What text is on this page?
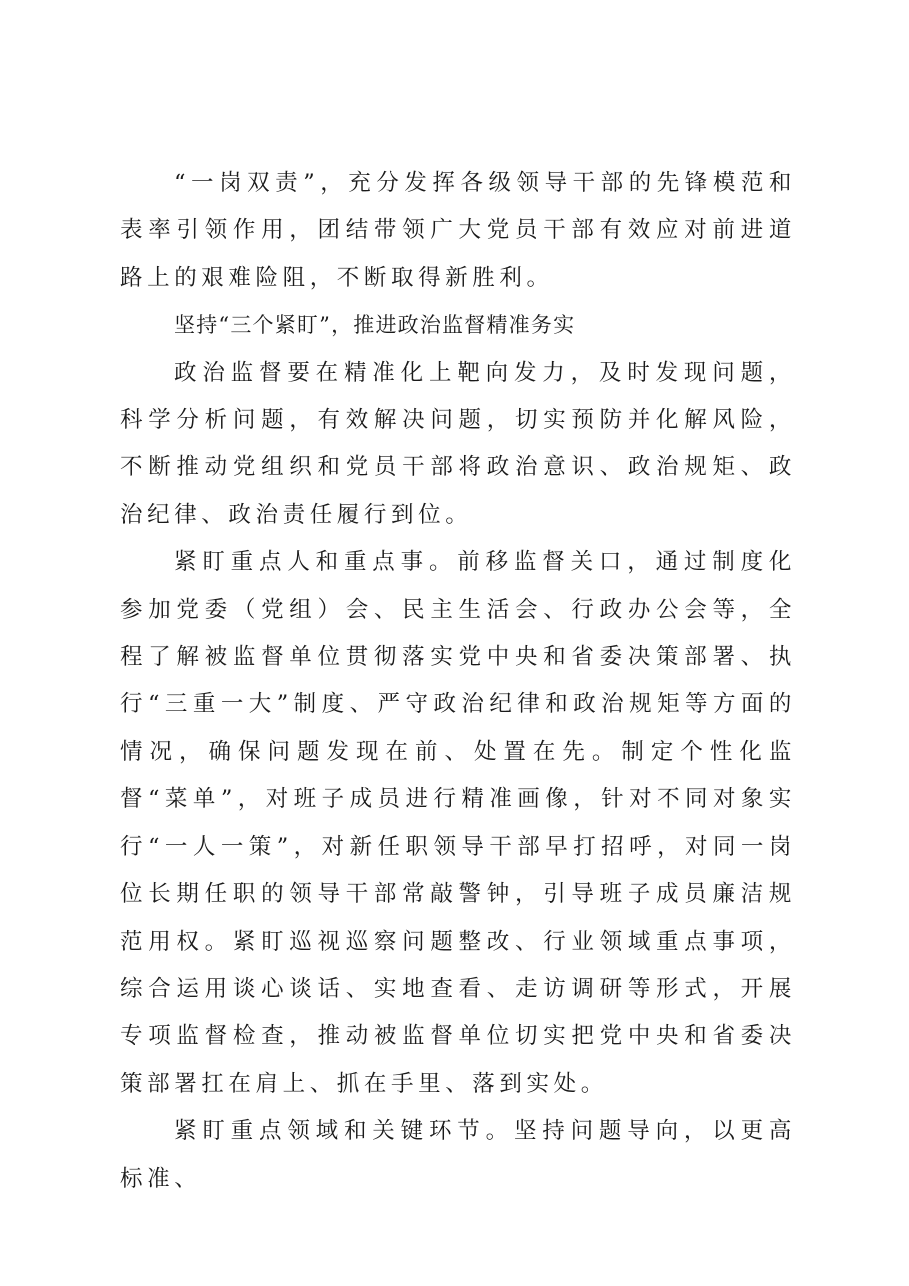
“一岗双责”，充分发挥各级领导干部的先锋模范和表率引领作用，团结带领广大党员干部有效应对前进道路上的艰难险阻，不断取得新胜利。

坚持“三个紧盯”，推进政治监督精准务实

政治监督要在精准化上靶向发力，及时发现问题，科学分析问题，有效解决问题，切实预防并化解风险，不断推动党组织和党员干部将政治意识、政治规矩、政治纪律、政治责任履行到位。

紧盯重点人和重点事。前移监督关口，通过制度化参加党委（党组）会、民主生活会、行政办公会等，全程了解被监督单位贯彻落实党中央和省委决策部署、执行“三重一大”制度、严守政治纪律和政治规矩等方面的情况，确保问题发现在前、处置在先。制定个性化监督“菜单”，对班子成员进行精准画像，针对不同对象实行“一人一策”，对新任职领导干部早打招呼，对同一岗位长期任职的领导干部常敲警钟，引导班子成员廉洁规范用权。紧盯巡视巡察问题整改、行业领域重点事项，综合运用谈心谈话、实地查看、走访调研等形式，开展专项监督检查，推动被监督单位切实把党中央和省委决策部署扛在肩上、抓在手里、落到实处。

紧盯重点领域和关键环节。坚持问题导向，以更高标准、
